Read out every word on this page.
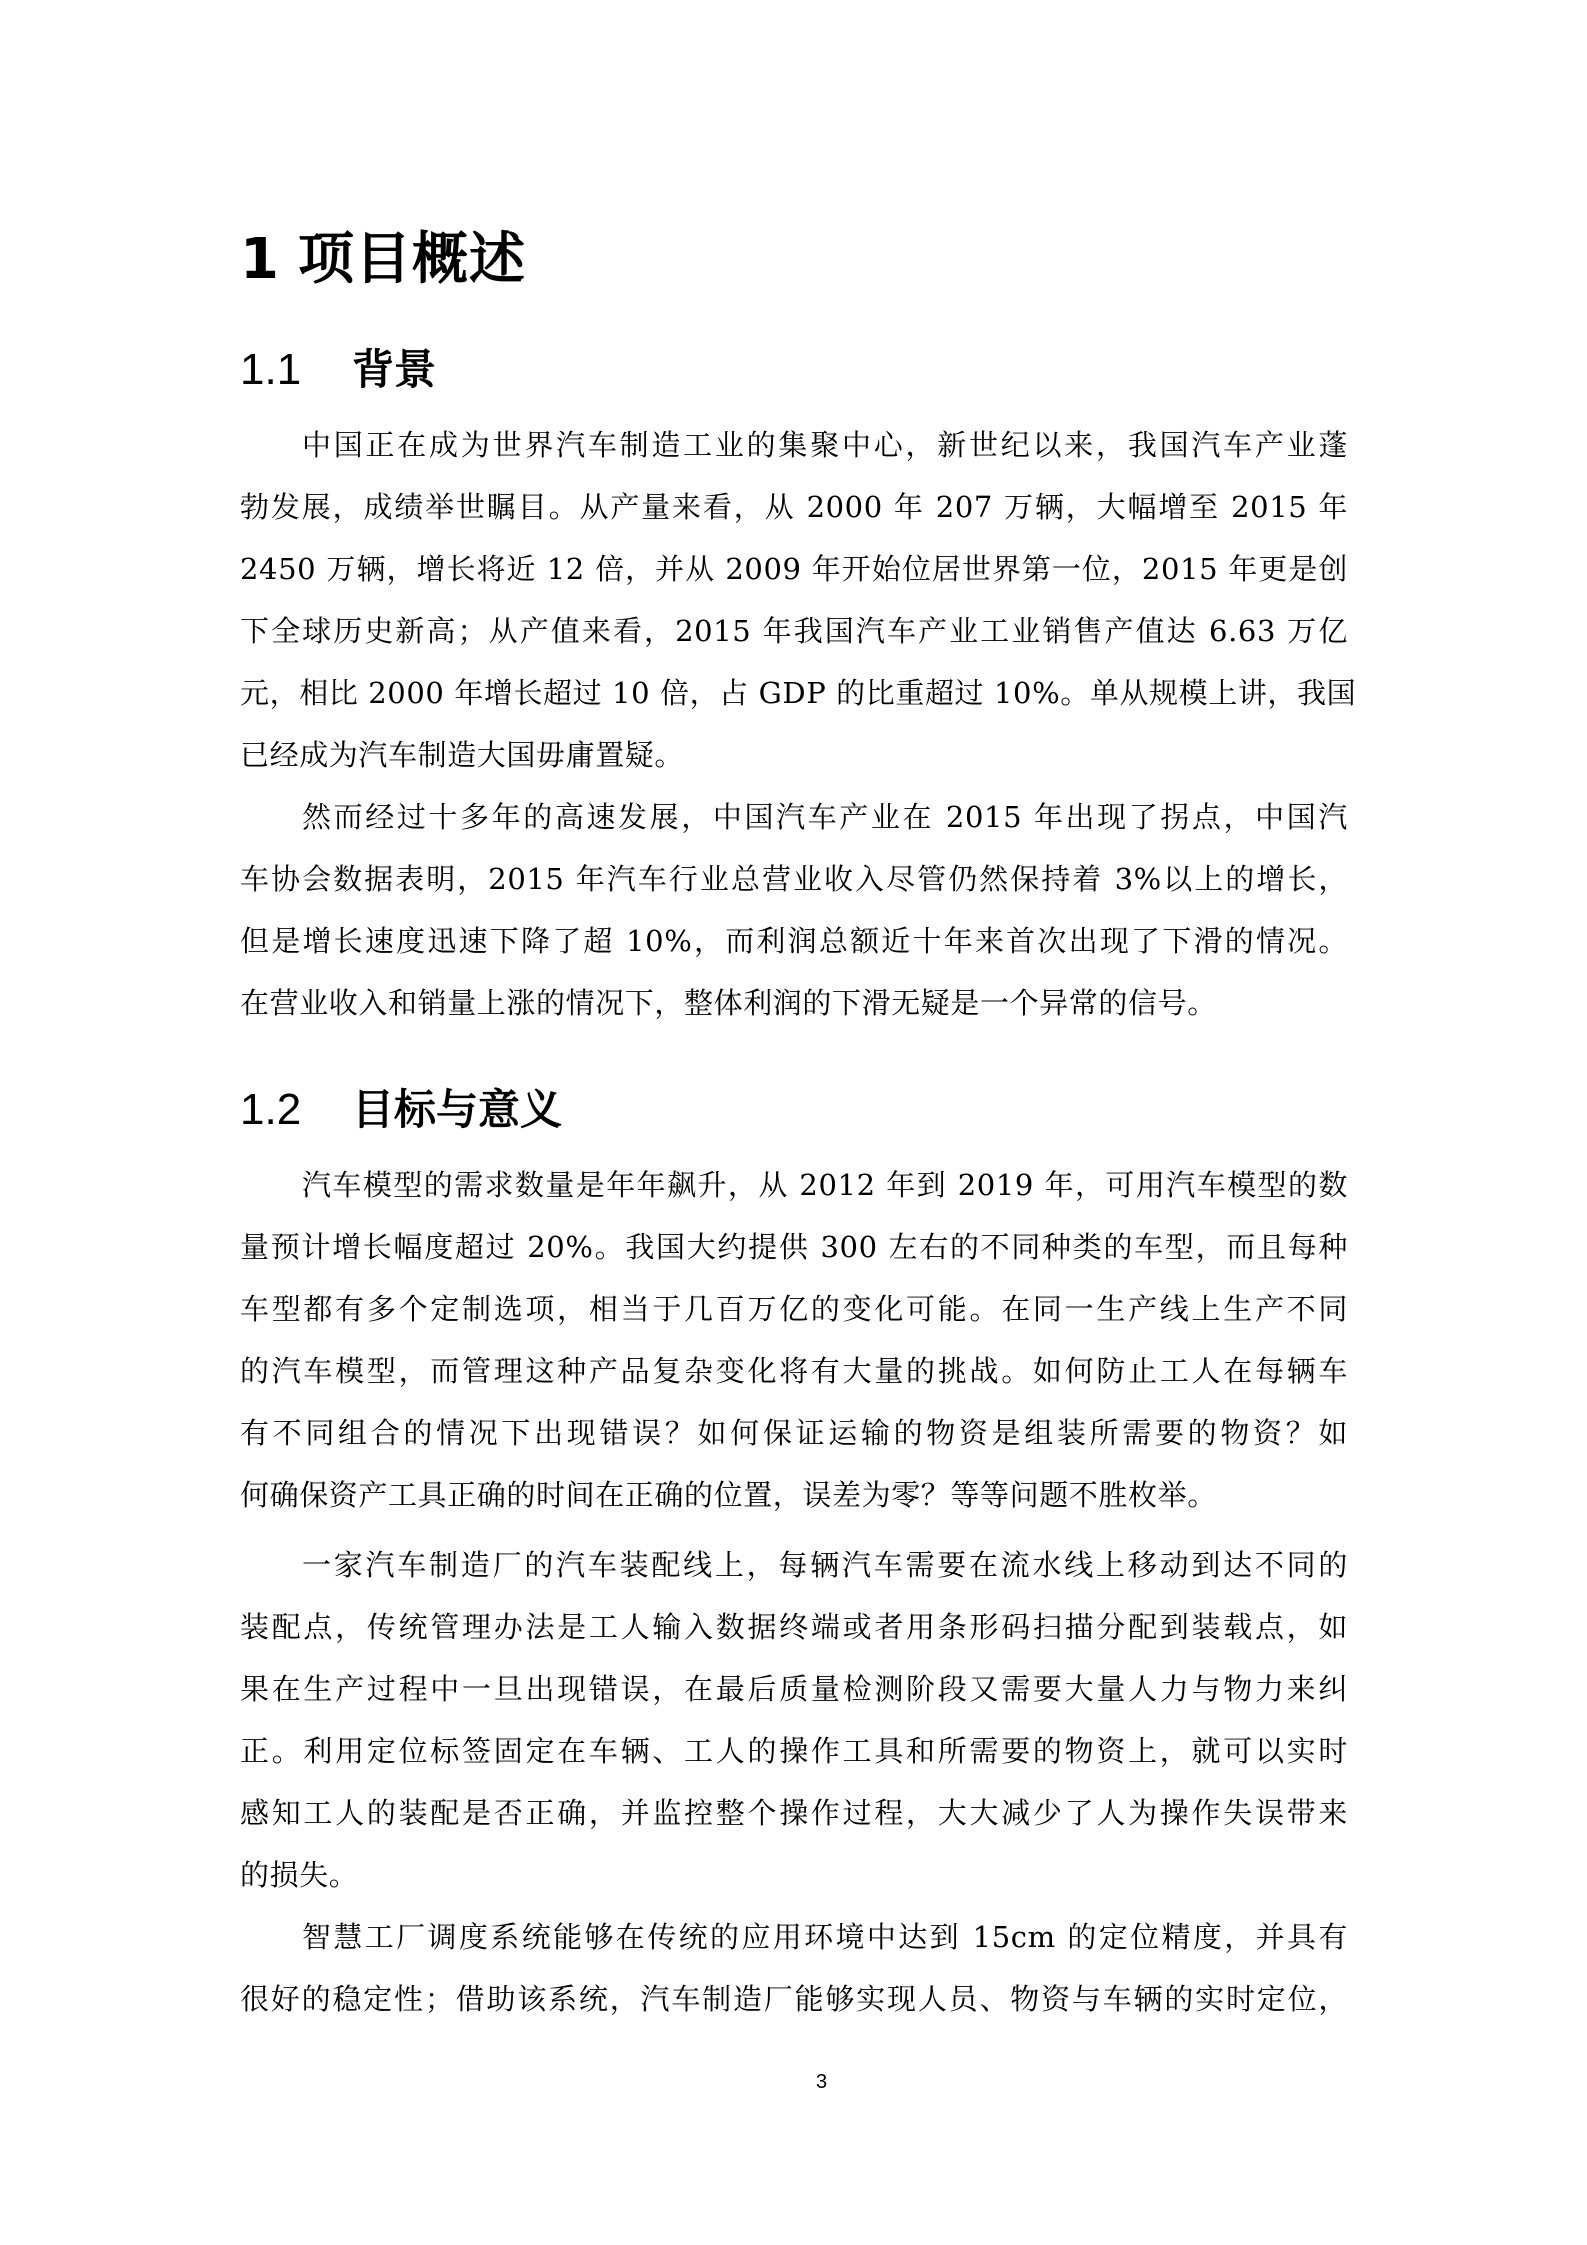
1 项目概述
1.1 背景
中国正在成为世界汽车制造工业的集聚中心，新世纪以来，我国汽车产业蓬
勃发展，成绩举世瞩目。从产量来看，从 2000 年 207 万辆，大幅增至 2015 年
2450 万辆，增长将近 12 倍，并从 2009 年开始位居世界第一位，2015 年更是创
下全球历史新高；从产值来看，2015 年我国汽车产业工业销售产值达 6.63 万亿
元，相比 2000 年增长超过 10 倍，占 GDP 的比重超过 10%。单从规模上讲，我国
已经成为汽车制造大国毋庸置疑。
然而经过十多年的高速发展，中国汽车产业在 2015 年出现了拐点，中国汽
车协会数据表明，2015 年汽车行业总营业收入尽管仍然保持着 3%以上的增长，
但是增长速度迅速下降了超 10%，而利润总额近十年来首次出现了下滑的情况。
在营业收入和销量上涨的情况下，整体利润的下滑无疑是一个异常的信号。
1.2 目标与意义
汽车模型的需求数量是年年飙升，从 2012 年到 2019 年，可用汽车模型的数
量预计增长幅度超过 20%。我国大约提供 300 左右的不同种类的车型，而且每种
车型都有多个定制选项，相当于几百万亿的变化可能。在同一生产线上生产不同
的汽车模型，而管理这种产品复杂变化将有大量的挑战。如何防止工人在每辆车
有不同组合的情况下出现错误？如何保证运输的物资是组装所需要的物资？如
何确保资产工具正确的时间在正确的位置，误差为零？等等问题不胜枚举。
一家汽车制造厂的汽车装配线上，每辆汽车需要在流水线上移动到达不同的
装配点，传统管理办法是工人输入数据终端或者用条形码扫描分配到装载点，如
果在生产过程中一旦出现错误，在最后质量检测阶段又需要大量人力与物力来纠
正。利用定位标签固定在车辆、工人的操作工具和所需要的物资上，就可以实时
感知工人的装配是否正确，并监控整个操作过程，大大减少了人为操作失误带来
的损失。
智慧工厂调度系统能够在传统的应用环境中达到 15cm 的定位精度，并具有
很好的稳定性；借助该系统，汽车制造厂能够实现人员、物资与车辆的实时定位，
3
